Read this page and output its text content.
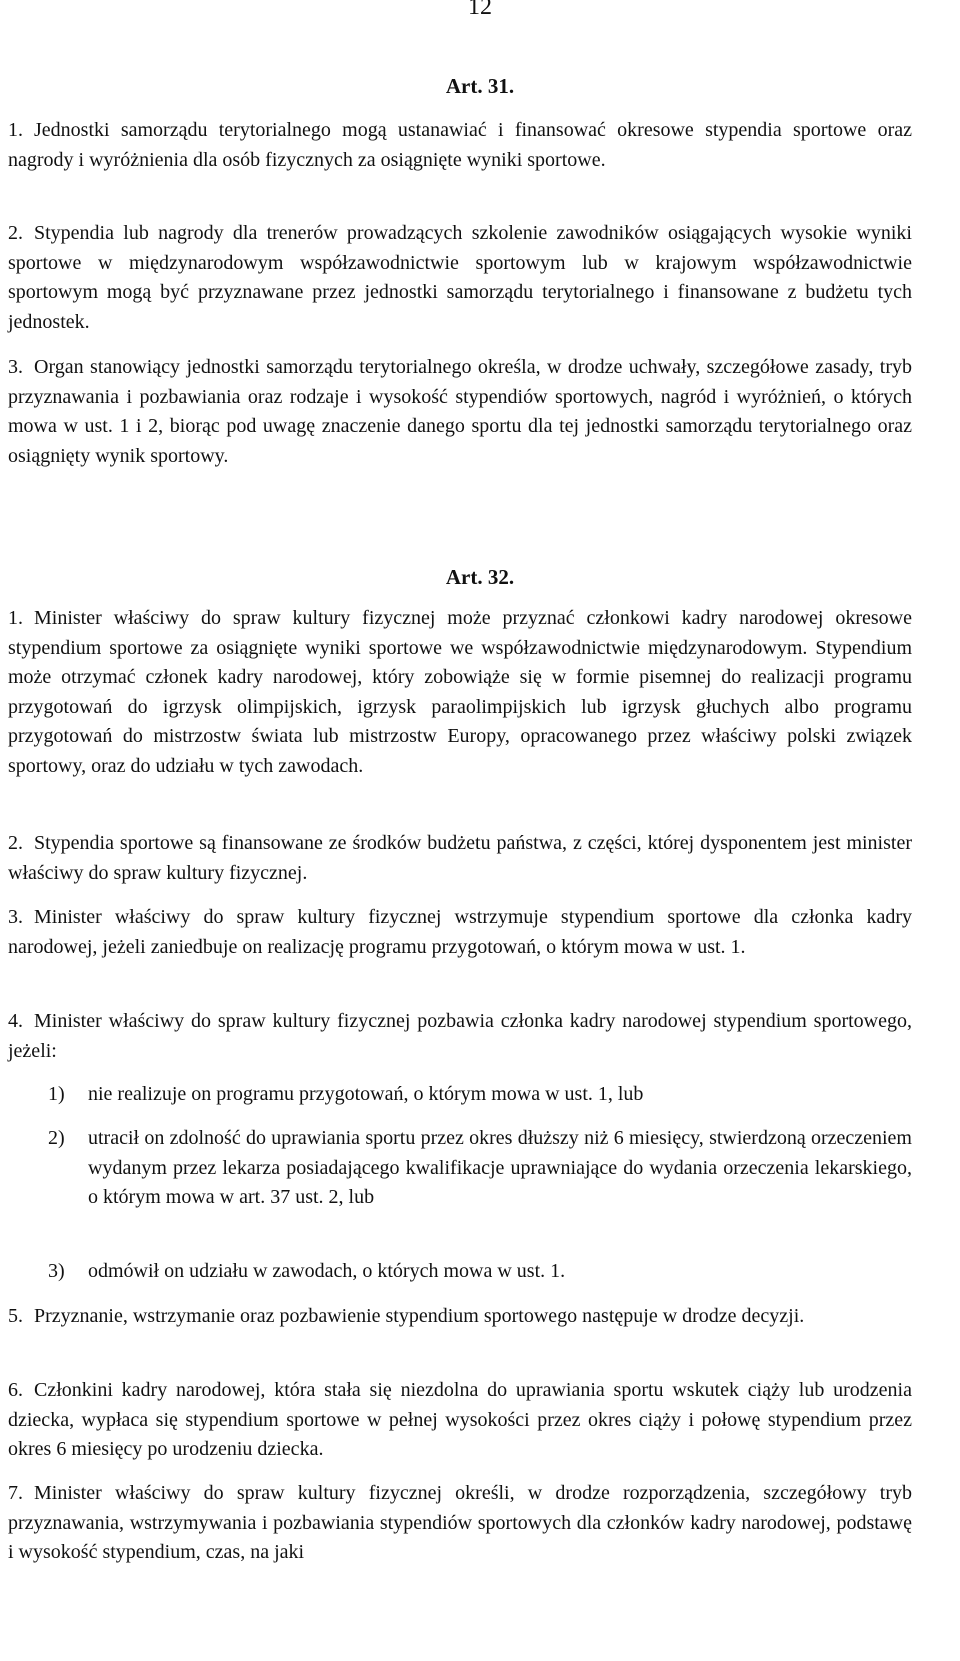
12
Art. 31.
1. Jednostki samorządu terytorialnego mogą ustanawiać i finansować okresowe stypendia sportowe oraz nagrody i wyróżnienia dla osób fizycznych za osiągnięte wyniki sportowe.
2. Stypendia lub nagrody dla trenerów prowadzących szkolenie zawodników osiągających wysokie wyniki sportowe w międzynarodowym współzawodnictwie sportowym lub w krajowym współzawodnictwie sportowym mogą być przyznawane przez jednostki samorządu terytorialnego i finansowane z budżetu tych jednostek.
3. Organ stanowiący jednostki samorządu terytorialnego określa, w drodze uchwały, szczegółowe zasady, tryb przyznawania i pozbawiania oraz rodzaje i wysokość stypendiów sportowych, nagród i wyróżnień, o których mowa w ust. 1 i 2, biorąc pod uwagę znaczenie danego sportu dla tej jednostki samorządu terytorialnego oraz osiągnięty wynik sportowy.
Art. 32.
1. Minister właściwy do spraw kultury fizycznej może przyznać członkowi kadry narodowej okresowe stypendium sportowe za osiągnięte wyniki sportowe we współzawodnictwie międzynarodowym. Stypendium może otrzymać członek kadry narodowej, który zobowiąże się w formie pisemnej do realizacji programu przygotowań do igrzysk olimpijskich, igrzysk paraolimpijskich lub igrzysk głuchych albo programu przygotowań do mistrzostw świata lub mistrzostw Europy, opracowanego przez właściwy polski związek sportowy, oraz do udziału w tych zawodach.
2. Stypendia sportowe są finansowane ze środków budżetu państwa, z części, której dysponentem jest minister właściwy do spraw kultury fizycznej.
3. Minister właściwy do spraw kultury fizycznej wstrzymuje stypendium sportowe dla członka kadry narodowej, jeżeli zaniedbuje on realizację programu przygotowań, o którym mowa w ust. 1.
4. Minister właściwy do spraw kultury fizycznej pozbawia członka kadry narodowej stypendium sportowego, jeżeli:
1) nie realizuje on programu przygotowań, o którym mowa w ust. 1, lub
2) utracił on zdolność do uprawiania sportu przez okres dłuższy niż 6 miesięcy, stwierdzoną orzeczeniem wydanym przez lekarza posiadającego kwalifikacje uprawniające do wydania orzeczenia lekarskiego, o którym mowa w art. 37 ust. 2, lub
3) odmówił on udziału w zawodach, o których mowa w ust. 1.
5. Przyznanie, wstrzymanie oraz pozbawienie stypendium sportowego następuje w drodze decyzji.
6. Członkini kadry narodowej, która stała się niezdolna do uprawiania sportu wskutek ciąży lub urodzenia dziecka, wypłaca się stypendium sportowe w pełnej wysokości przez okres ciąży i połowę stypendium przez okres 6 miesięcy po urodzeniu dziecka.
7. Minister właściwy do spraw kultury fizycznej określi, w drodze rozporządzenia, szczegółowy tryb przyznawania, wstrzymywania i pozbawiania stypendiów sportowych dla członków kadry narodowej, podstawę i wysokość stypendium, czas, na jaki
